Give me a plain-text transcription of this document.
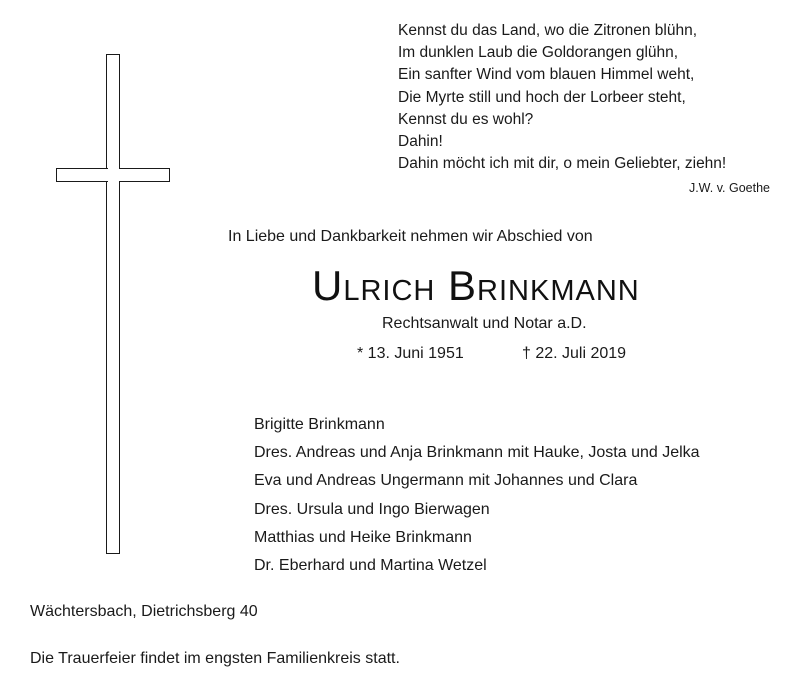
Kennst du das Land, wo die Zitronen blühn,
Im dunklen Laub die Goldorangen glühn,
Ein sanfter Wind vom blauen Himmel weht,
Die Myrte still und hoch der Lorbeer steht,
Kennst du es wohl?
Dahin!
Dahin möcht ich mit dir, o mein Geliebter, ziehn!
J.W. v. Goethe
In Liebe und Dankbarkeit nehmen wir Abschied von
Ulrich Brinkmann
Rechtsanwalt und Notar a.D.
* 13. Juni 1951	† 22. Juli 2019
Brigitte Brinkmann
Dres. Andreas und Anja Brinkmann mit Hauke, Josta und Jelka
Eva und Andreas Ungermann mit Johannes und Clara
Dres. Ursula und Ingo Bierwagen
Matthias und Heike Brinkmann
Dr. Eberhard und Martina Wetzel
Wächtersbach, Dietrichsberg 40
Die Trauerfeier findet im engsten Familienkreis statt.
